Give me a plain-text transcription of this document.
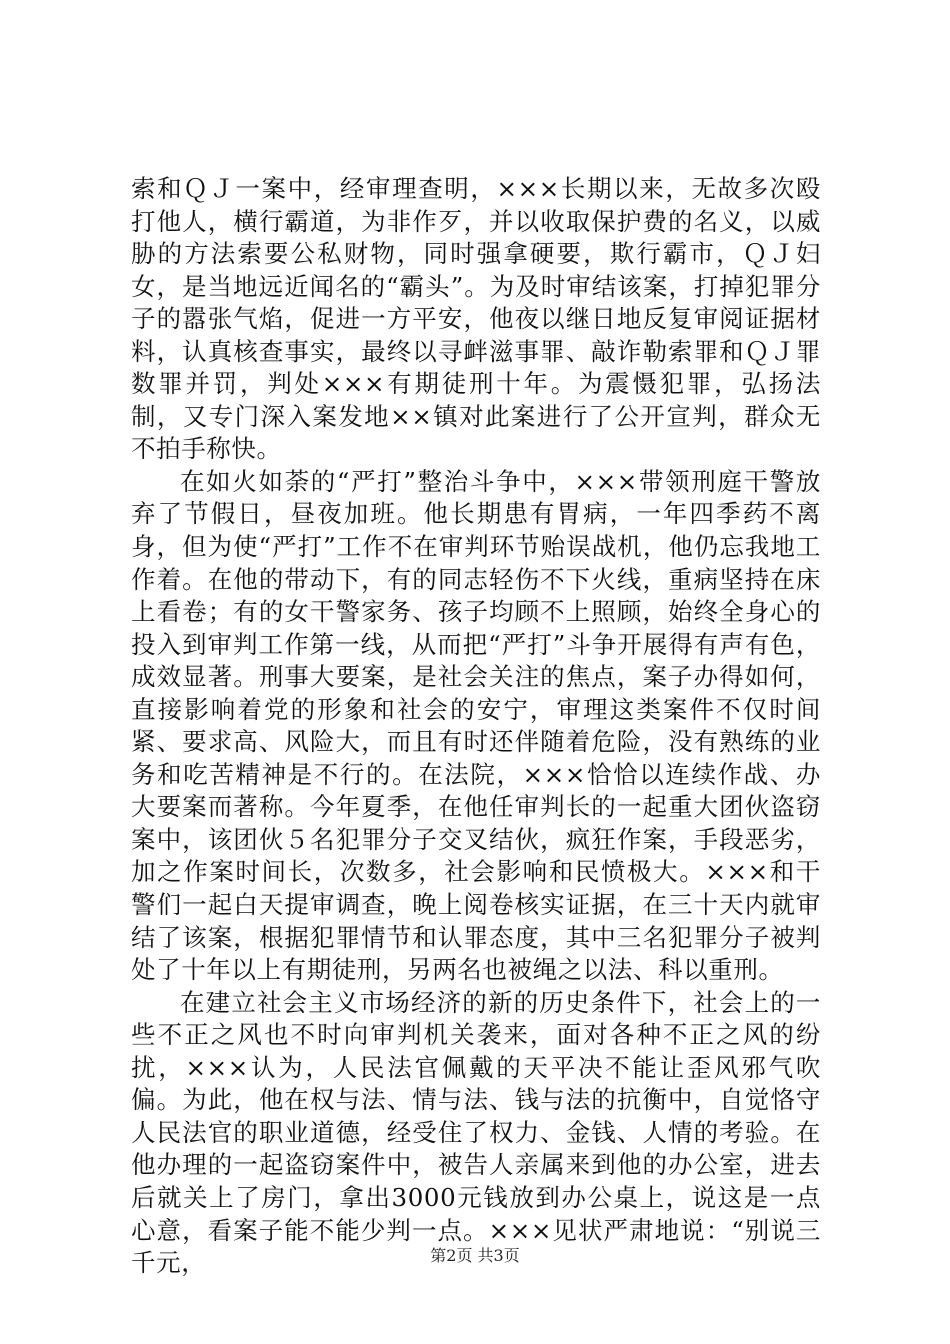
索和ＱＪ一案中，经审理查明，×××长期以来，无故多次殴打他人，横行霸道，为非作歹，并以收取保护费的名义，以威胁的方法索要公私财物，同时强拿硬要，欺行霸市，ＱＪ妇女，是当地远近闻名的“霸头”。为及时审结该案，打掉犯罪分子的嚣张气焰，促进一方平安，他夜以继日地反复审阅证据材料，认真核查事实，最终以寻衅滋事罪、敲诈勒索罪和ＱＪ罪数罪并罚，判处×××有期徒刑十年。为震慑犯罪，弘扬法制，又专门深入案发地××镇对此案进行了公开宣判，群众无不拍手称快。

在如火如荼的“严打”整治斗争中，×××带领刑庭干警放弃了节假日，昼夜加班。他长期患有胃病，一年四季药不离身，但为使“严打”工作不在审判环节贻误战机，他仍忘我地工作着。在他的带动下，有的同志轻伤不下火线，重病坚持在床上看卷；有的女干警家务、孩子均顾不上照顾，始终全身心的投入到审判工作第一线，从而把“严打”斗争开展得有声有色，成效显著。刑事大要案，是社会关注的焦点，案子办得如何，直接影响着党的形象和社会的安宁，审理这类案件不仅时间紧、要求高、风险大，而且有时还伴随着危险，没有熟练的业务和吃苦精神是不行的。在法院，×××恰恰以连续作战、办大要案而著称。今年夏季，在他任审判长的一起重大团伙盗窃案中，该团伙５名犯罪分子交叉结伙，疯狂作案，手段恶劣，加之作案时间长，次数多，社会影响和民愤极大。×××和干警们一起白天提审调查，晚上阅卷核实证据，在三十天内就审结了该案，根据犯罪情节和认罪态度，其中三名犯罪分子被判处了十年以上有期徒刑，另两名也被绳之以法、科以重刑。

在建立社会主义市场经济的新的历史条件下，社会上的一些不正之风也不时向审判机关袭来，面对各种不正之风的纷扰，×××认为，人民法官佩戴的天平决不能让歪风邪气吹偏。为此，他在权与法、情与法、钱与法的抗衡中，自觉恪守人民法官的职业道德，经受住了权力、金钱、人情的考验。在他办理的一起盗窃案件中，被告人亲属来到他的办公室，进去后就关上了房门，拿出3000元钱放到办公桌上，说这是一点心意，看案子能不能少判一点。×××见状严肃地说：“别说三千元，	第2页 共3页
